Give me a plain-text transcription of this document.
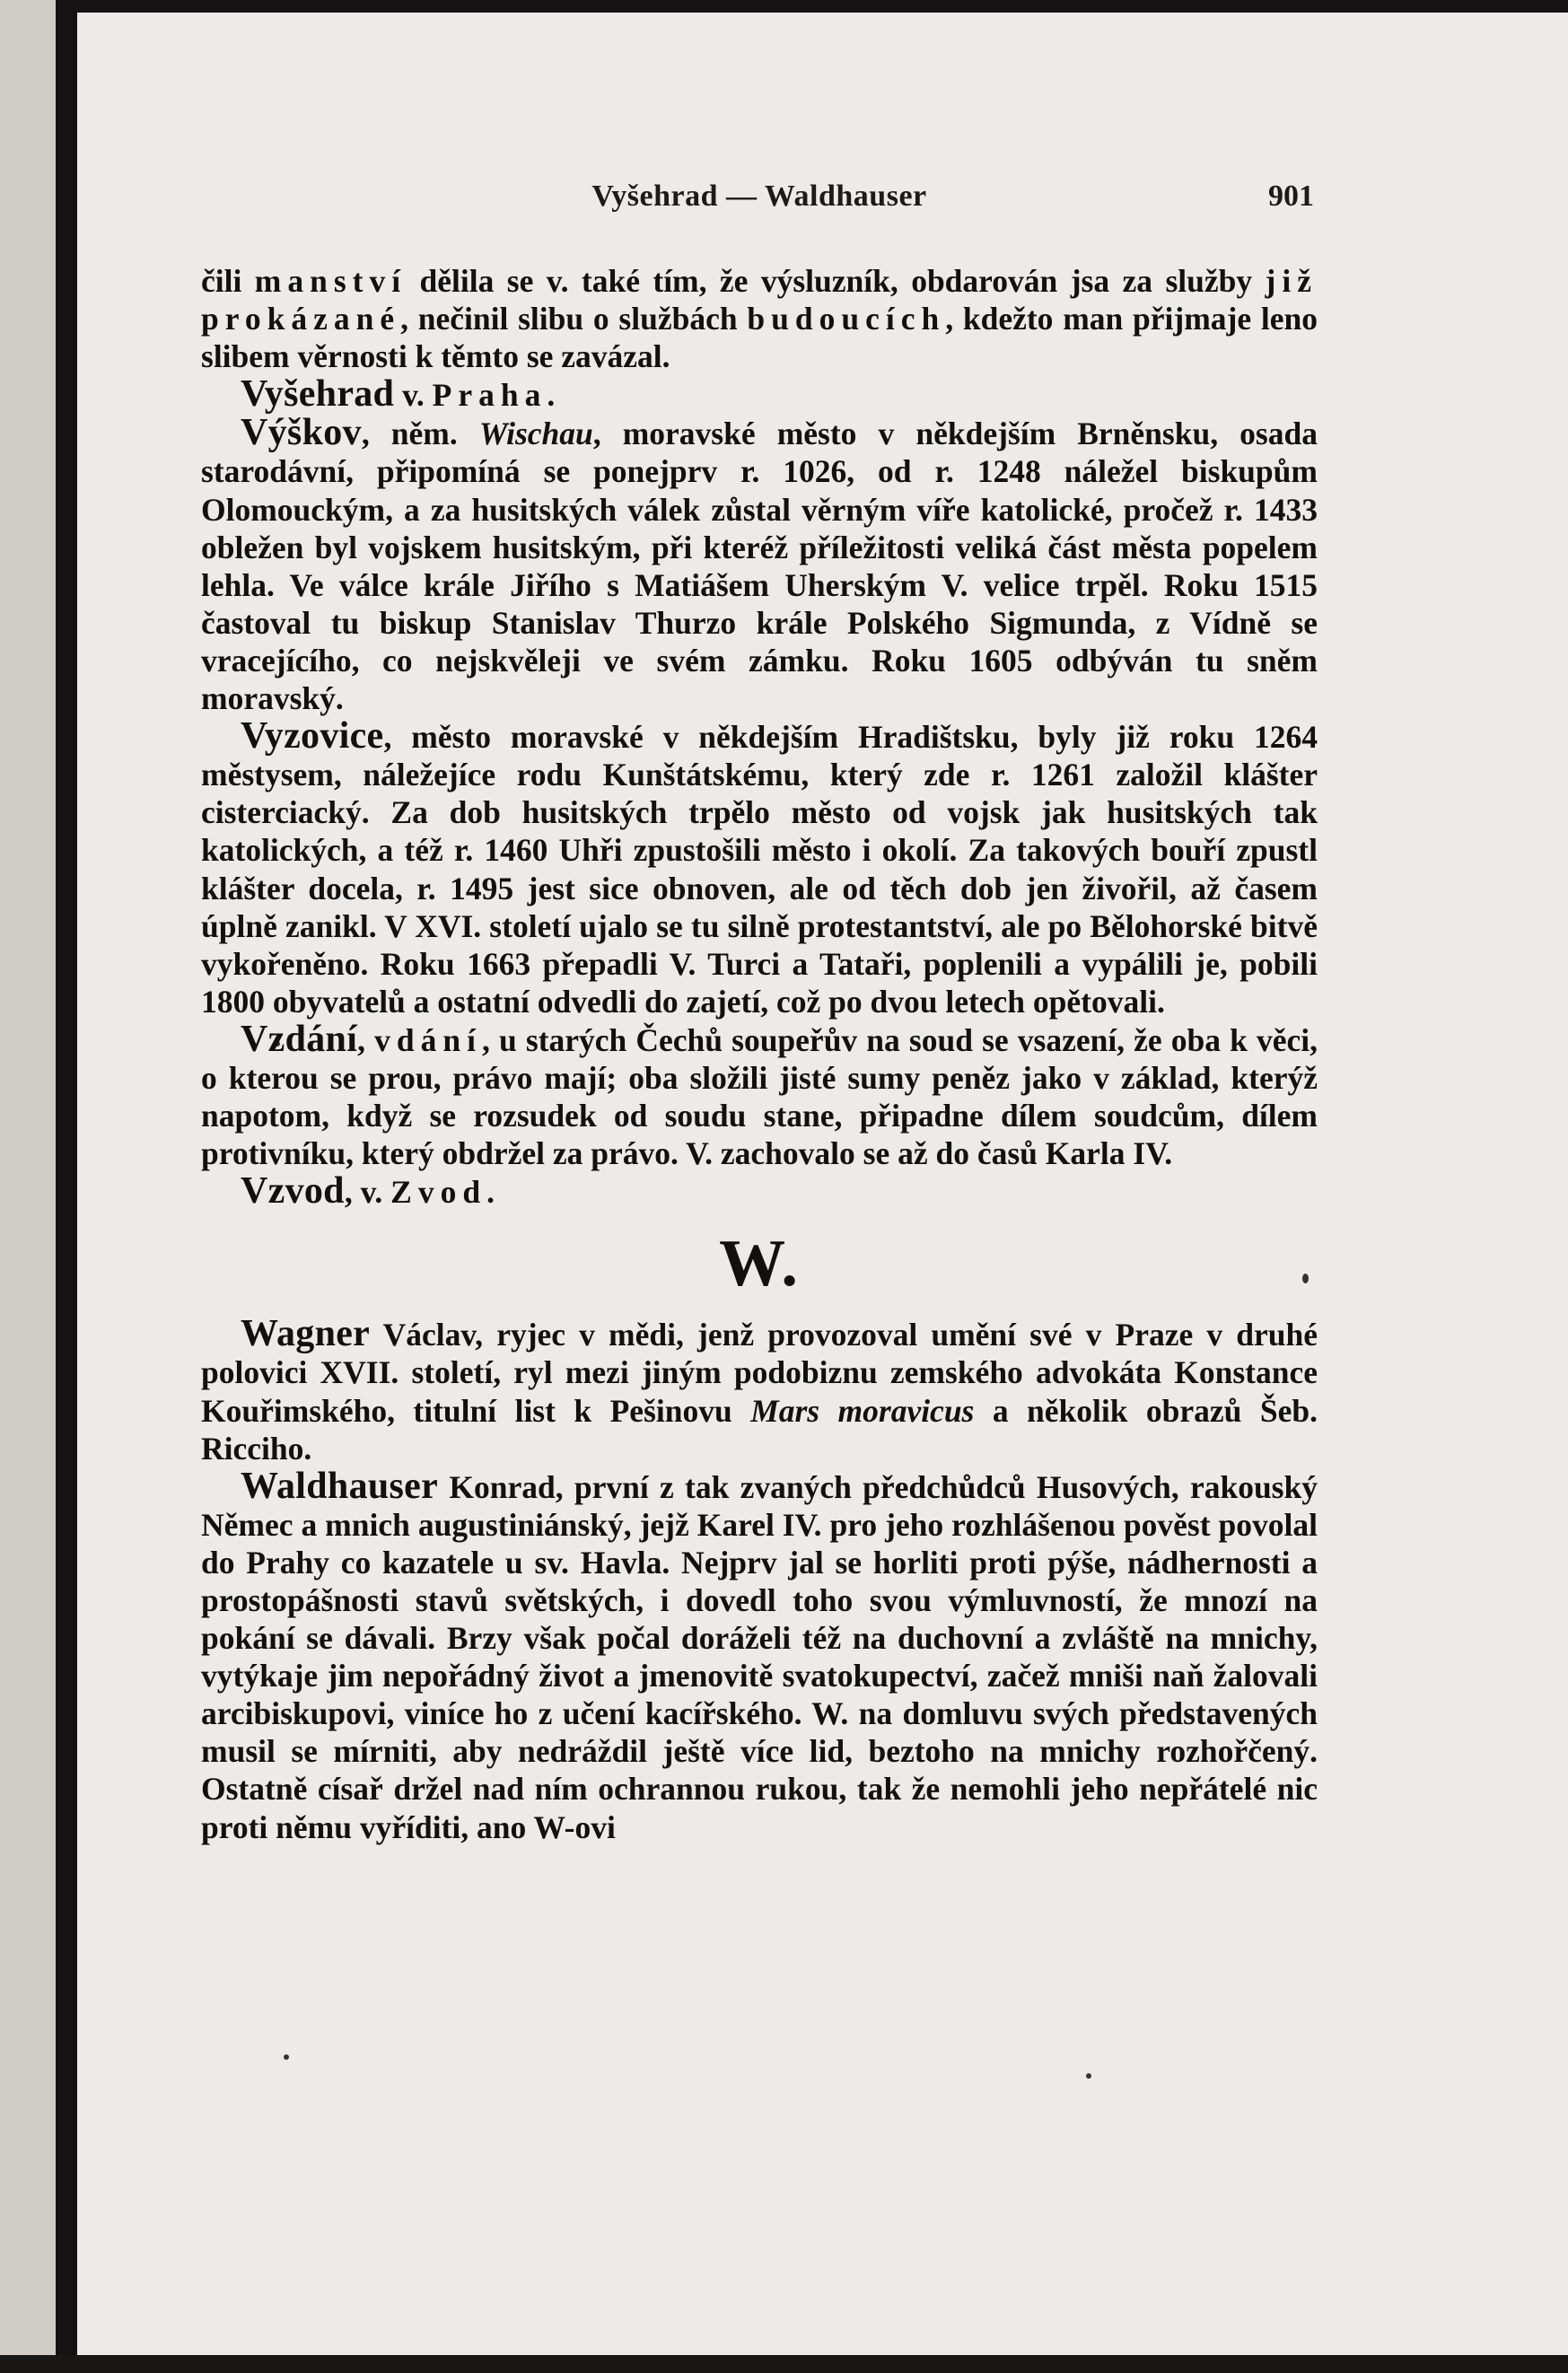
Vyšehrad — Waldhauser	901

čili manství dělila se v. také tím, že výsluzník, obdarován jsa za služby již prokázané, nečinil slibu o službách budoucích, kdežto man přijmaje leno slibem věrnosti k těmto se zavázal.

Vyšehrad v. Praha.

Výškov, něm. Wischau, moravské město v někdejším Brněnsku, osada starodávní, připomíná se ponejprv r. 1026, od r. 1248 náležel biskupům Olomouckým, a za husitských válek zůstal věrným víře katolické, pročež r. 1433 obležen byl vojskem husitským, při kteréž příležitosti veliká část města popelem lehla. Ve válce krále Jiřího s Matiášem Uherským V. velice trpěl. Roku 1515 častoval tu biskup Stanislav Thurzo krále Polského Sigmunda, z Vídně se vracejícího, co nejskvěleji ve svém zámku. Roku 1605 odbýván tu sněm moravský.

Vyzovice, město moravské v někdejším Hradištsku, byly již roku 1264 městysem, náležejíce rodu Kunštátskému, který zde r. 1261 založil klášter cisterciacký. Za dob husitských trpělo město od vojsk jak husitských tak katolických, a též r. 1460 Uhři zpustošili město i okolí. Za takových bouří zpustl klášter docela, r. 1495 jest sice obnoven, ale od těch dob jen živořil, až časem úplně zanikl. V XVI. století ujalo se tu silně protestantství, ale po Bělohorské bitvě vykořeněno. Roku 1663 přepadli V. Turci a Tataři, poplenili a vypálili je, pobili 1800 obyvatelů a ostatní odvedli do zajetí, což po dvou letech opětovali.

Vzdání, vdání, u starých Čechů soupeřův na soud se vsazení, že oba k věci, o kterou se prou, právo mají; oba složili jisté sumy peněz jako v základ, kterýž napotom, když se rozsudek od soudu stane, připadne dílem soudcům, dílem protivníku, který obdržel za právo. V. zachovalo se až do časů Karla IV.

Vzvod, v. Zvod.

W.

Wagner Václav, ryjec v mědi, jenž provozoval umění své v Praze v druhé polovici XVII. století, ryl mezi jiným podobiznu zemského advokáta Konstance Kouřimského, titulní list k Pešinovu Mars moravicus a několik obrazů Šeb. Ricciho.

Waldhauser Konrad, první z tak zvaných předchůdců Husových, rakouský Němec a mnich augustiniánský, jejž Karel IV. pro jeho rozhlášenou pověst povolal do Prahy co kazatele u sv. Havla. Nejprv jal se horliti proti pýše, nádhernosti a prostopášnosti stavů světských, i dovedl toho svou výmluvností, že mnozí na pokání se dávali. Brzy však počal doráželi též na duchovní a zvláště na mnichy, vytýkaje jim nepořádný život a jmenovitě svatokupectví, začež mniši naň žalovali arcibiskupovi, viníce ho z učení kacířského. W. na domluvu svých představených musil se mírniti, aby nedráždil ještě více lid, beztoho na mnichy rozhořčený. Ostatně císař držel nad ním ochrannou rukou, tak že nemohli jeho nepřátelé nic proti němu vyříditi, ano W-ovi
